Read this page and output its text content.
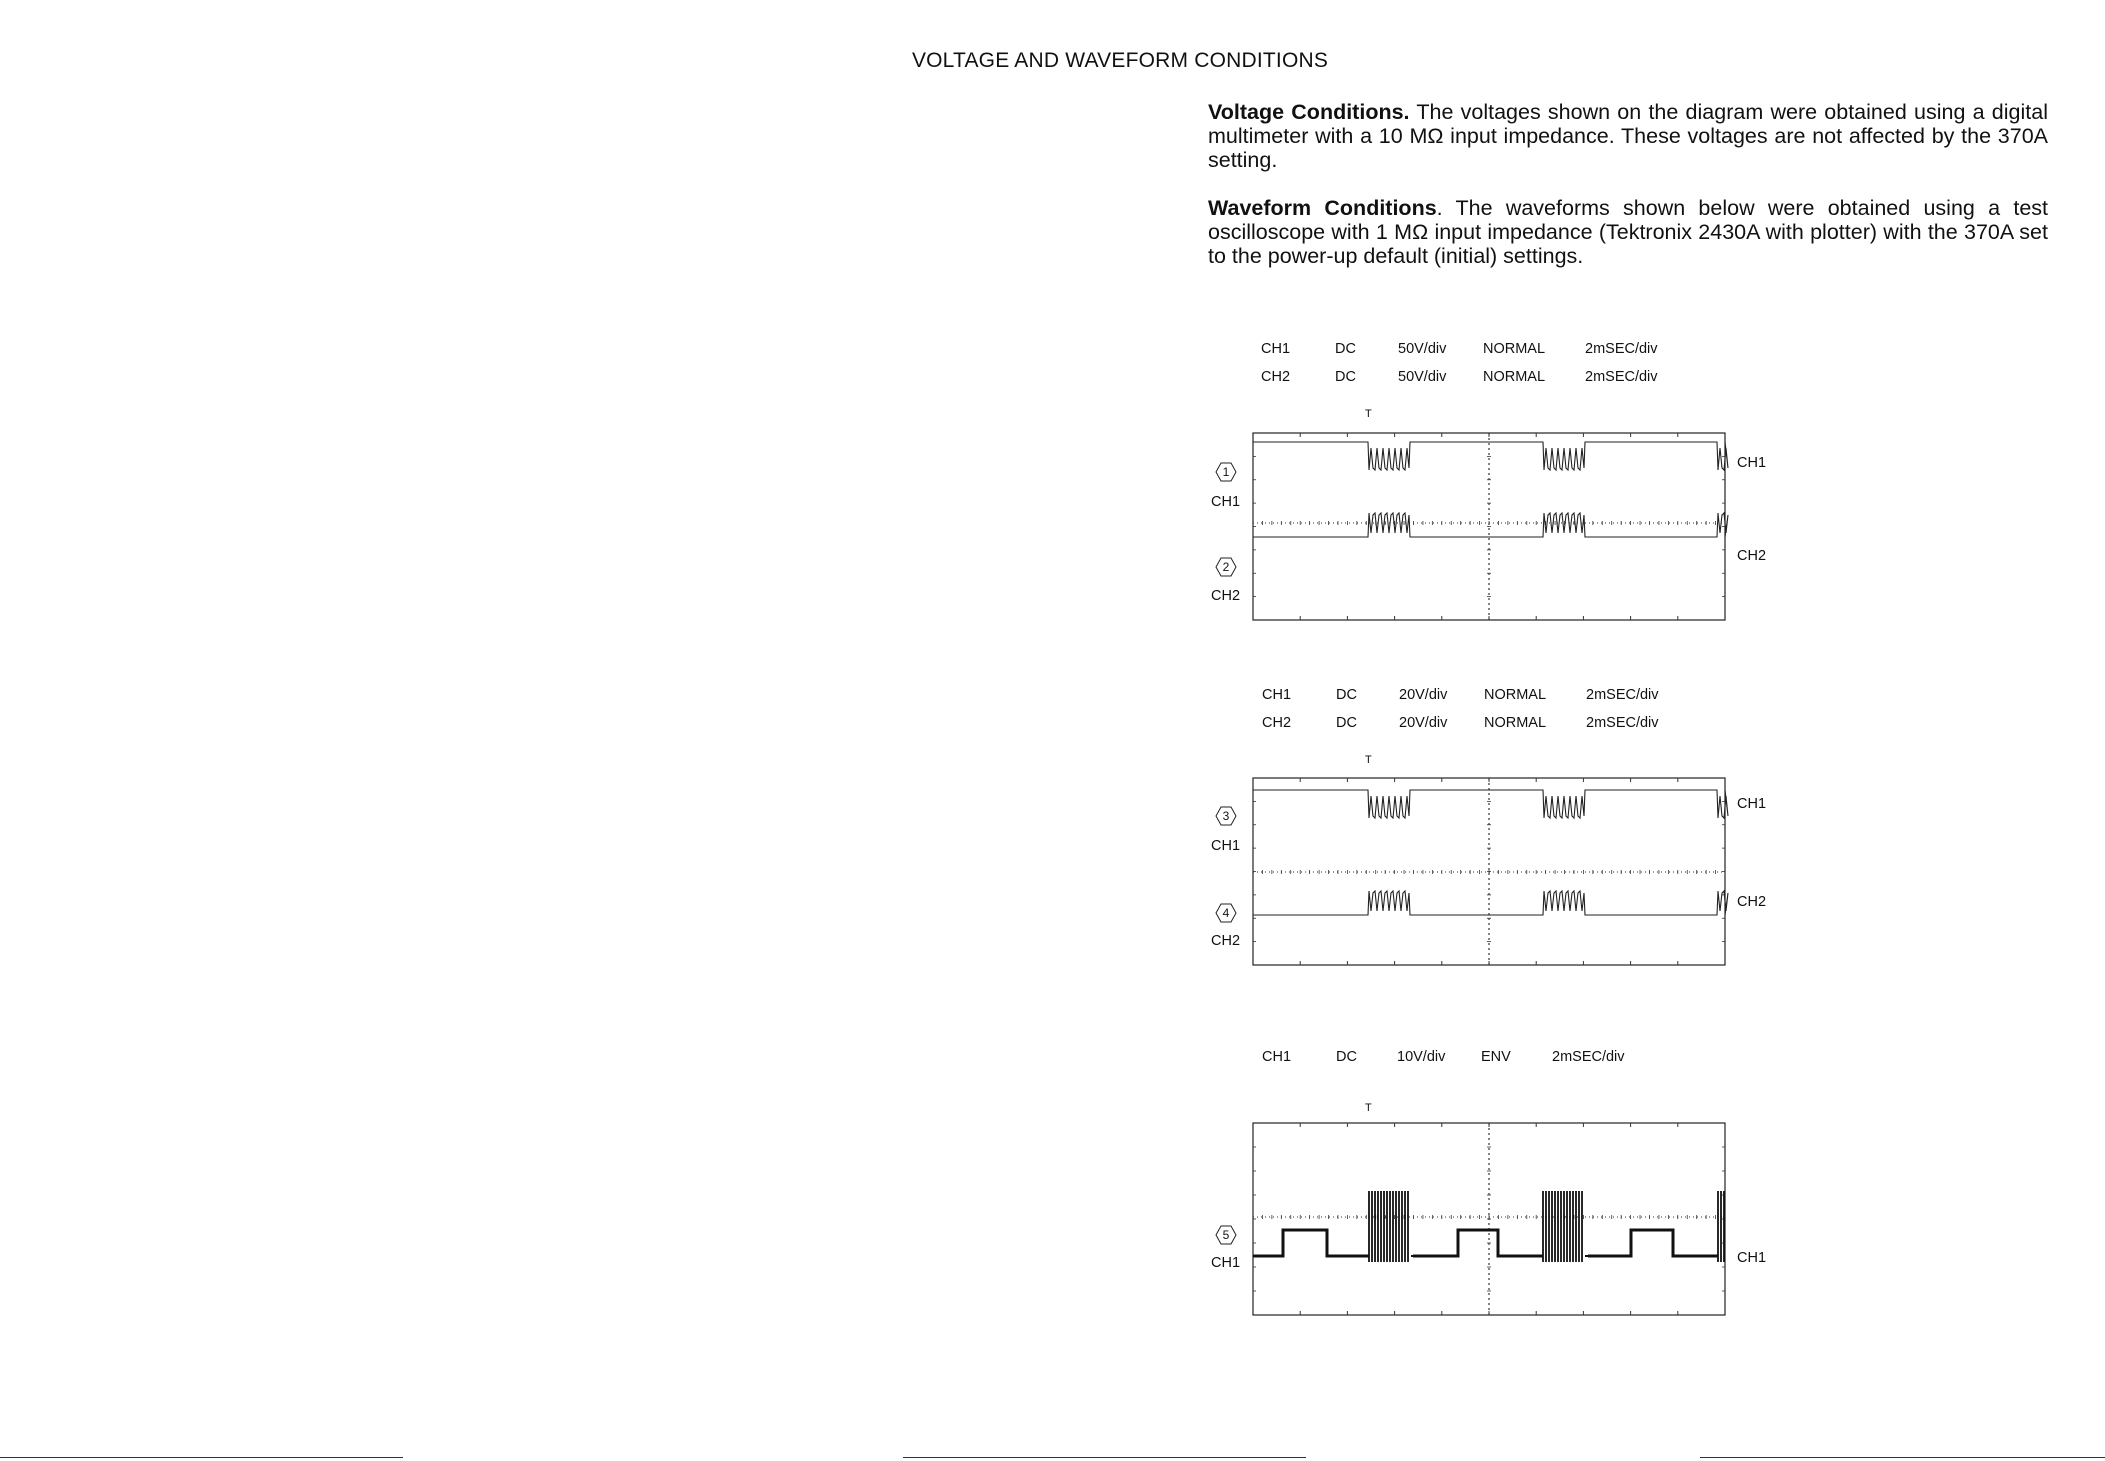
VOLTAGE AND WAVEFORM CONDITIONS

Voltage Conditions. The voltages shown on the diagram were obtained using a digital multimeter with a 10 MΩ input impedance. These voltages are not affected by the 370A setting.

Waveform Conditions. The waveforms shown below were obtained using a test oscilloscope with 1 MΩ input impedance (Tektronix 2430A with plotter) with the 370A set to the power-up default (initial) settings.

CH1	DC	50V/div	NORMAL	2mSEC/div
CH2	DC	50V/div	NORMAL	2mSEC/div
T
1
CH1
CH1
2
CH2
CH2
CH1	DC	20V/div	NORMAL	2mSEC/div
CH2	DC	20V/div	NORMAL	2mSEC/div
T
3
CH1
CH1
4
CH2
CH2
CH1	DC	10V/div ENV	2mSEC/div
T
5
CH1	CH1
